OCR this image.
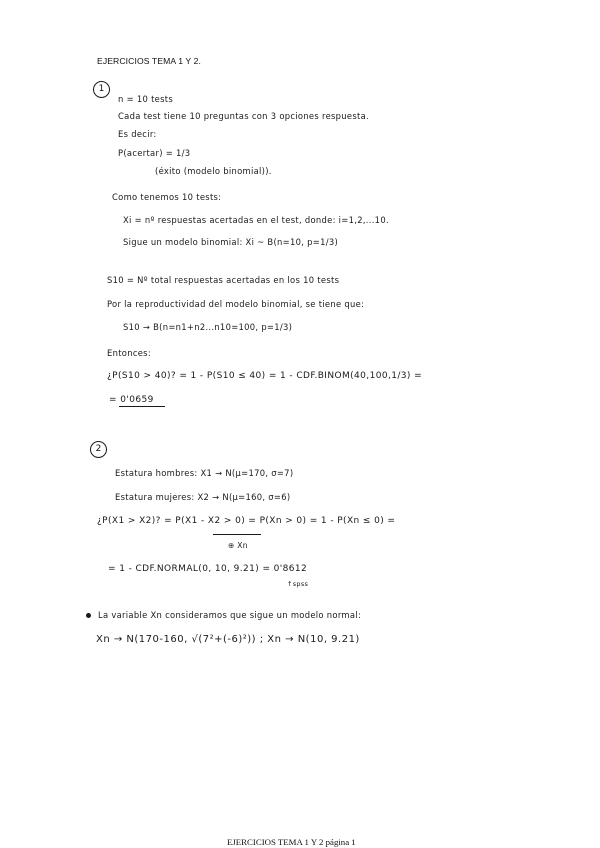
EJERCICIOS TEMA 1 Y 2.
1
n = 10 tests
Cada test tiene 10 preguntas con 3 opciones respuesta.
Es decir:
P(acertar) = 1/3
(éxito (modelo binomial)).
Como tenemos 10 tests:
Xi = nº respuestas acertadas en el test, donde: i=1,2,...10.
Sigue un modelo binomial: Xi ~ B(n=10, p=1/3)
S10 = Nº total respuestas acertadas en los 10 tests
Por la reproductividad del modelo binomial, se tiene que:
S10 → B(n=n1+n2...n10=100, p=1/3)
Entonces:
¿P(S10 > 40)? = 1 - P(S10 ≤ 40) = 1 - CDF.BINOM(40,100,1/3) =
= 0'0659
2
Estatura hombres: X1 → N(μ=170, σ=7)
Estatura mujeres: X2 → N(μ=160, σ=6)
¿P(X1 > X2)? = P(X1 - X2 > 0) = P(Xn > 0) = 1 - P(Xn ≤ 0) =
⊕ Xn
= 1 - CDF.NORMAL(0, 10, 9.21) = 0'8612
↑spss
La variable Xn consideramos que sigue un modelo normal:
Xn → N(170-160, √(7²+(-6)²)) ; Xn → N(10, 9.21)
EJERCICIOS TEMA 1 Y 2 página 1
